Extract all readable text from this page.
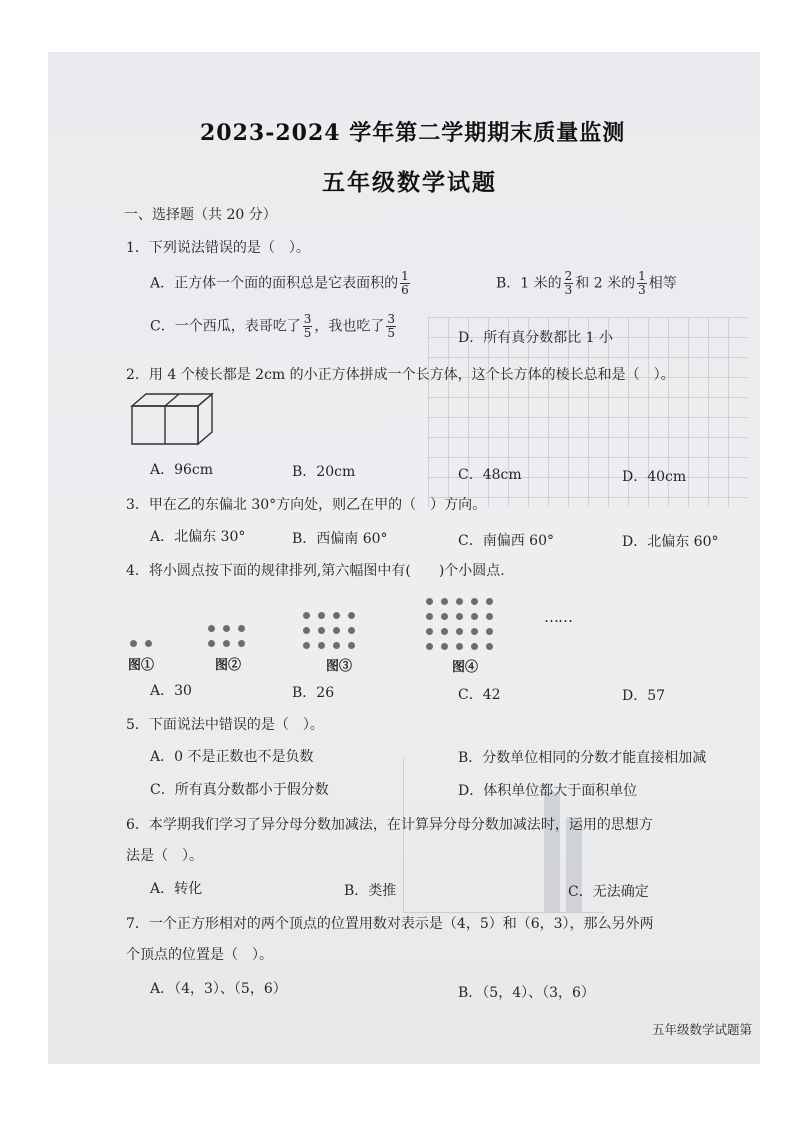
2023-2024 学年第二学期期末质量监测
五年级数学试题
一、选择题（共 20 分）
1．下列说法错误的是（　）。
A．正方体一个面的面积总是它表面积的 $\frac{1}{6}$	B．1 米的 $\frac{2}{3}$ 和 2 米的 $\frac{1}{3}$ 相等
C．一个西瓜，表哥吃了 $\frac{3}{5}$ ，我也吃了 $\frac{3}{5}$	D．所有真分数都比 1 小
2．用 4 个棱长都是 2cm 的小正方体拼成一个长方体，这个长方体的棱长总和是（　）。
A．96cm	B．20cm	C．48cm	D．40cm
3．甲在乙的东偏北 30°方向处，则乙在甲的（　）方向。
A．北偏东 30°	B．西偏南 60°	C．南偏西 60°	D．北偏东 60°
4．将小圆点按下面的规律排列,第六幅图中有(　　)个小圆点．
……
图①	图②	图③	图④
A．30	B．26	C．42	D．57
5．下面说法中错误的是（　）。
A．0 不是正数也不是负数	B．分数单位相同的分数才能直接相加减
C．所有真分数都小于假分数	D．体积单位都大于面积单位
6．本学期我们学习了异分母分数加减法，在计算异分母分数加减法时，运用的思想方
法是（　）。
A．转化	B．类推	C．无法确定
7．一个正方形相对的两个顶点的位置用数对表示是（4，5）和（6，3），那么另外两
个顶点的位置是（　）。
A．（4，3）、（5，6）	B．（5，4）、（3，6）
五年级数学试题第
